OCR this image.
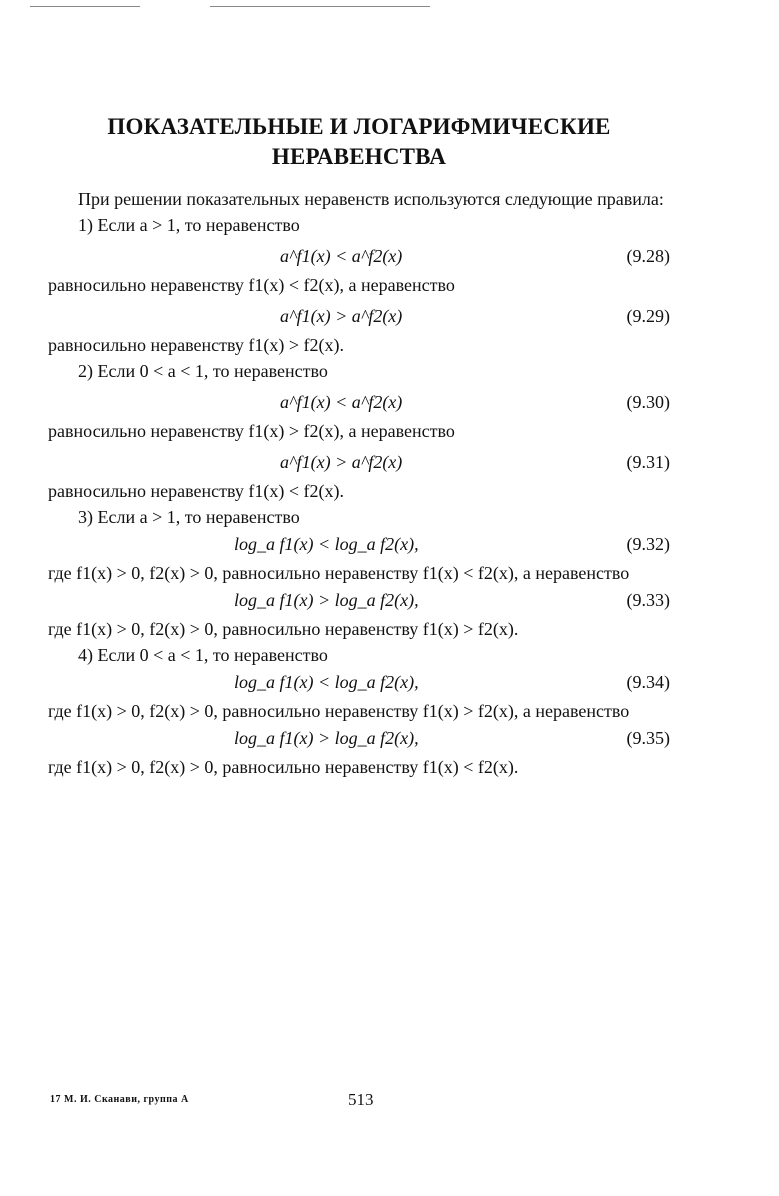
ПОКАЗАТЕЛЬНЫЕ И ЛОГАРИФМИЧЕСКИЕ
НЕРАВЕНСТВА

При решении показательных неравенств используются следующие правила:

1) Если a > 1, то неравенство

a^f1(x) < a^f2(x)	(9.28)

равносильно неравенству f1(x) < f2(x), а неравенство

a^f1(x) > a^f2(x)	(9.29)

равносильно неравенству f1(x) > f2(x).

2) Если 0 < a < 1, то неравенство

a^f1(x) < a^f2(x)	(9.30)

равносильно неравенству f1(x) > f2(x), а неравенство

a^f1(x) > a^f2(x)	(9.31)

равносильно неравенству f1(x) < f2(x).

3) Если a > 1, то неравенство

log_a f1(x) < log_a f2(x),	(9.32)

где f1(x) > 0, f2(x) > 0, равносильно неравенству f1(x) < f2(x), а неравенство

log_a f1(x) > log_a f2(x),	(9.33)

где f1(x) > 0, f2(x) > 0, равносильно неравенству f1(x) > f2(x).

4) Если 0 < a < 1, то неравенство

log_a f1(x) < log_a f2(x),	(9.34)

где f1(x) > 0, f2(x) > 0, равносильно неравенству f1(x) > f2(x), а неравенство

log_a f1(x) > log_a f2(x),	(9.35)

где f1(x) > 0, f2(x) > 0, равносильно неравенству f1(x) < f2(x).

17 М. И. Сканави, группа А	513
